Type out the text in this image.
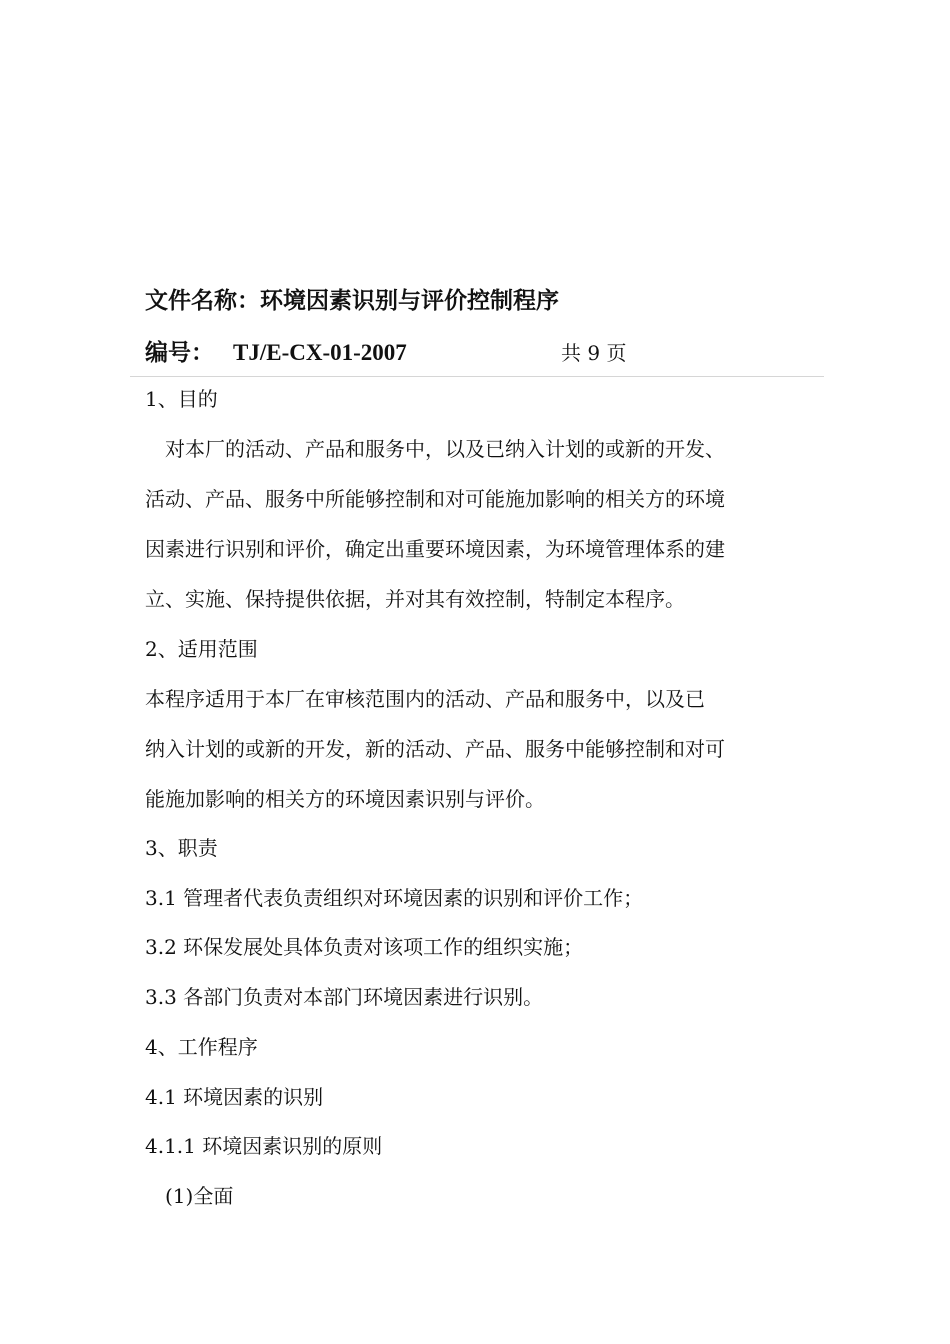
文件名称：环境因素识别与评价控制程序
编号： TJ/E-CX-01-2007	共 9 页
1、目的
　对本厂的活动、产品和服务中，以及已纳入计划的或新的开发、
活动、产品、服务中所能够控制和对可能施加影响的相关方的环境
因素进行识别和评价，确定出重要环境因素，为环境管理体系的建
立、实施、保持提供依据，并对其有效控制，特制定本程序。
2、适用范围
本程序适用于本厂在审核范围内的活动、产品和服务中，以及已
纳入计划的或新的开发，新的活动、产品、服务中能够控制和对可
能施加影响的相关方的环境因素识别与评价。
3、职责
3.1 管理者代表负责组织对环境因素的识别和评价工作；
3.2 环保发展处具体负责对该项工作的组织实施；
3.3 各部门负责对本部门环境因素进行识别。
4、工作程序
4.1 环境因素的识别
4.1.1 环境因素识别的原则
　(1)全面
